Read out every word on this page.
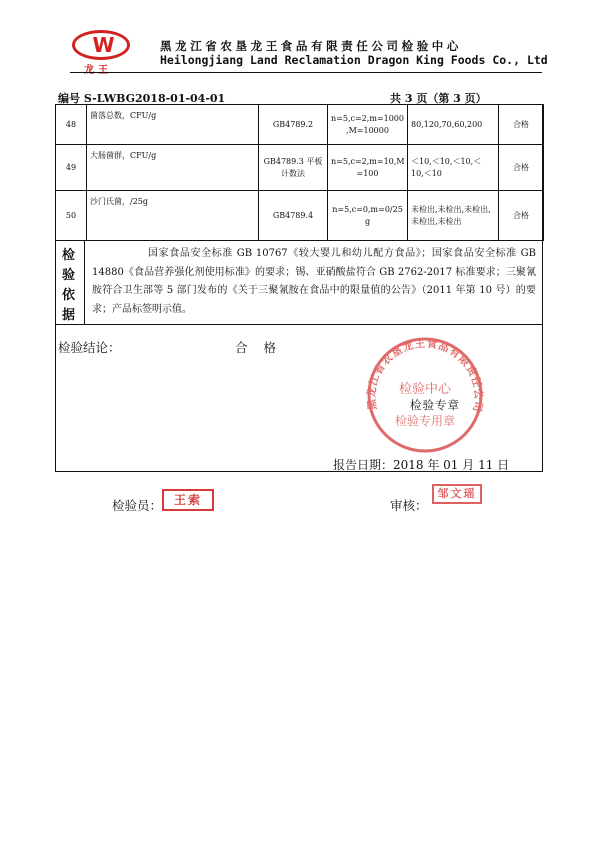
W
龙王
黑龙江省农垦龙王食品有限责任公司检验中心
Heilongjiang Land Reclamation Dragon King Foods Co., Ltd
编号 S-LWBG2018-01-04-01	共 3 页（第 3 页）
48	菌落总数，CFU/g	GB4789.2	n=5,c=2,m=1000 ,M=10000	80,120,70,60,200	合格
49	大肠菌群，CFU/g	GB4789.3 平板计数法	n=5,c=2,m=10,M =100	＜10,＜10,＜10,＜ 10,＜10	合格
50	沙门氏菌，/25g	GB4789.4	n=5,c=0,m=0/25 g	未检出,未检出,未检出,未检出,未检出	合格
检
验
依
据
国家食品安全标准 GB 10767《较大婴儿和幼儿配方食品》；国家食品安全标准 GB 14880《食品营养强化剂使用标准》的要求；锡、亚硝酸盐符合 GB 2762-2017 标准要求；三聚氰胺符合卫生部等 5 部门发布的《关于三聚氰胺在食品中的限量值的公告》（2011 年第 10 号）的要求；产品标签明示值。
检验结论：	合格
黑龙江省农垦龙王食品有限责任公司
检验中心
检验专用章
检验专章
报告日期：2018 年 01 月 11 日
检验员： 王索	审核：
邹文瑶
